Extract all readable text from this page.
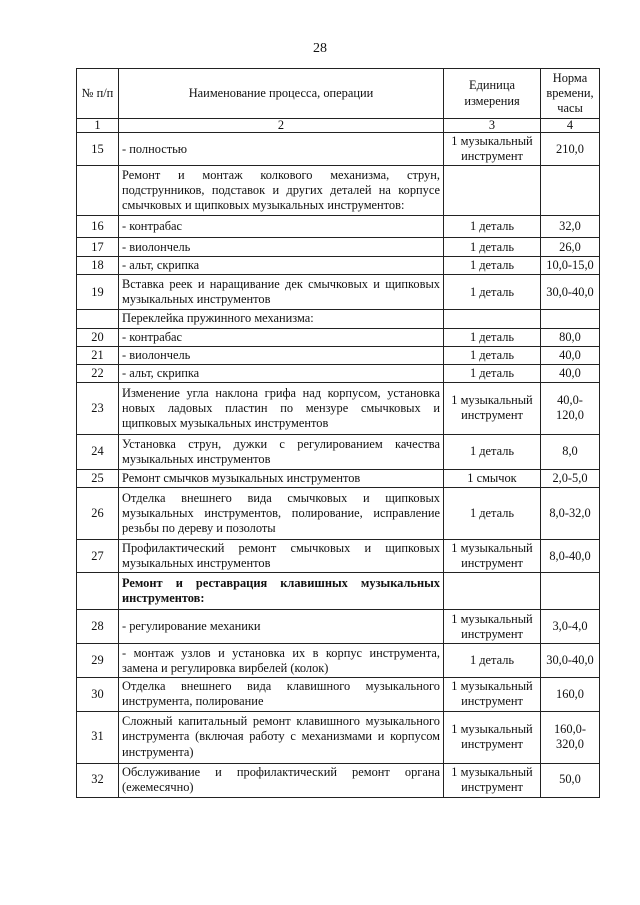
28
№ п/п	Наименование процесса, операции	Единица измерения	Норма времени, часы
1	2	3	4
15	- полностью	1 музыкальный инструмент	210,0
	Ремонт и монтаж колкового механизма, струн, подструнников, подставок и других деталей на корпусе смычковых и щипковых музыкальных инструментов:		
16	- контрабас	1 деталь	32,0
17	- виолончель	1 деталь	26,0
18	- альт, скрипка	1 деталь	10,0-15,0
19	Вставка реек и наращивание дек смычковых и щипковых музыкальных инструментов	1 деталь	30,0-40,0
	Переклейка пружинного механизма:		
20	- контрабас	1 деталь	80,0
21	- виолончель	1 деталь	40,0
22	- альт, скрипка	1 деталь	40,0
23	Изменение угла наклона грифа над корпусом, установка новых ладовых пластин по мензуре смычковых и щипковых музыкальных инструментов	1 музыкальный инструмент	40,0-120,0
24	Установка струн, дужки с регулированием качества музыкальных инструментов	1 деталь	8,0
25	Ремонт смычков музыкальных инструментов	1 смычок	2,0-5,0
26	Отделка внешнего вида смычковых и щипковых музыкальных инструментов, полирование, исправление резьбы по дереву и позолоты	1 деталь	8,0-32,0
27	Профилактический ремонт смычковых и щипковых музыкальных инструментов	1 музыкальный инструмент	8,0-40,0
	Ремонт и реставрация клавишных музыкальных инструментов:		
28	- регулирование механики	1 музыкальный инструмент	3,0-4,0
29	- монтаж узлов и установка их в корпус инструмента, замена и регулировка вирбелей (колок)	1 деталь	30,0-40,0
30	Отделка внешнего вида клавишного музыкального инструмента, полирование	1 музыкальный инструмент	160,0
31	Сложный капитальный ремонт клавишного музыкального инструмента (включая работу с механизмами и корпусом инструмента)	1 музыкальный инструмент	160,0-320,0
32	Обслуживание и профилактический ремонт органа (ежемесячно)	1 музыкальный инструмент	50,0
